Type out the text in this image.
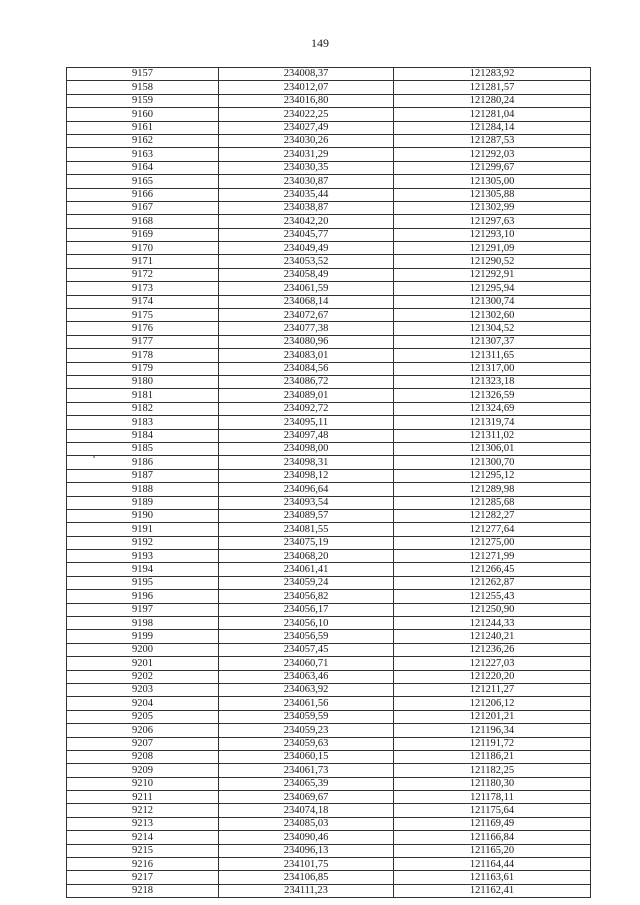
149
9157	234008,37	121283,92
9158	234012,07	121281,57
9159	234016,80	121280,24
9160	234022,25	121281,04
9161	234027,49	121284,14
9162	234030,26	121287,53
9163	234031,29	121292,03
9164	234030,35	121299,67
9165	234030,87	121305,00
9166	234035,44	121305,88
9167	234038,87	121302,99
9168	234042,20	121297,63
9169	234045,77	121293,10
9170	234049,49	121291,09
9171	234053,52	121290,52
9172	234058,49	121292,91
9173	234061,59	121295,94
9174	234068,14	121300,74
9175	234072,67	121302,60
9176	234077,38	121304,52
9177	234080,96	121307,37
9178	234083,01	121311,65
9179	234084,56	121317,00
9180	234086,72	121323,18
9181	234089,01	121326,59
9182	234092,72	121324,69
9183	234095,11	121319,74
9184	234097,48	121311,02
9185	234098,00	121306,01
9186	234098,31	121300,70
9187	234098,12	121295,12
9188	234096,64	121289,98
9189	234093,54	121285,68
9190	234089,57	121282,27
9191	234081,55	121277,64
9192	234075,19	121275,00
9193	234068,20	121271,99
9194	234061,41	121266,45
9195	234059,24	121262,87
9196	234056,82	121255,43
9197	234056,17	121250,90
9198	234056,10	121244,33
9199	234056,59	121240,21
9200	234057,45	121236,26
9201	234060,71	121227,03
9202	234063,46	121220,20
9203	234063,92	121211,27
9204	234061,56	121206,12
9205	234059,59	121201,21
9206	234059,23	121196,34
9207	234059,63	121191,72
9208	234060,15	121186,21
9209	234061,73	121182,25
9210	234065,39	121180,30
9211	234069,67	121178,11
9212	234074,18	121175,64
9213	234085,03	121169,49
9214	234090,46	121166,84
9215	234096,13	121165,20
9216	234101,75	121164,44
9217	234106,85	121163,61
9218	234111,23	121162,41
